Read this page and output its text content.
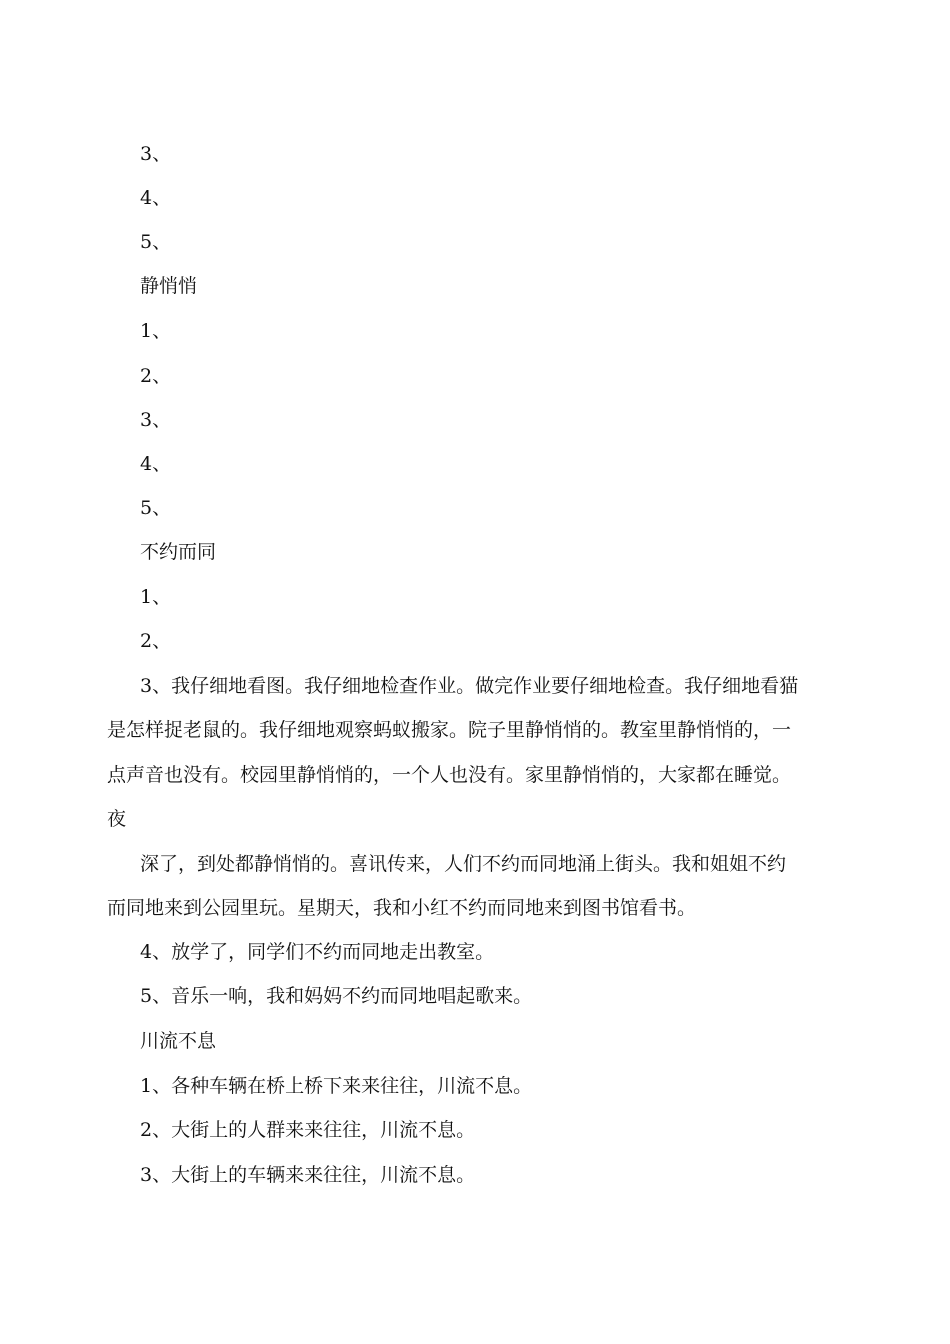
3、
4、
5、
静悄悄
1、
2、
3、
4、
5、
不约而同
1、
2、
3、我仔细地看图。我仔细地检查作业。做完作业要仔细地检查。我仔细地看猫
是怎样捉老鼠的。我仔细地观察蚂蚁搬家。院子里静悄悄的。教室里静悄悄的，一
点声音也没有。校园里静悄悄的，一个人也没有。家里静悄悄的，大家都在睡觉。
夜
深了，到处都静悄悄的。喜讯传来，人们不约而同地涌上街头。我和姐姐不约
而同地来到公园里玩。星期天，我和小红不约而同地来到图书馆看书。
4、放学了，同学们不约而同地走出教室。
5、音乐一响，我和妈妈不约而同地唱起歌来。
川流不息
1、各种车辆在桥上桥下来来往往，川流不息。
2、大街上的人群来来往往，川流不息。
3、大街上的车辆来来往往，川流不息。
